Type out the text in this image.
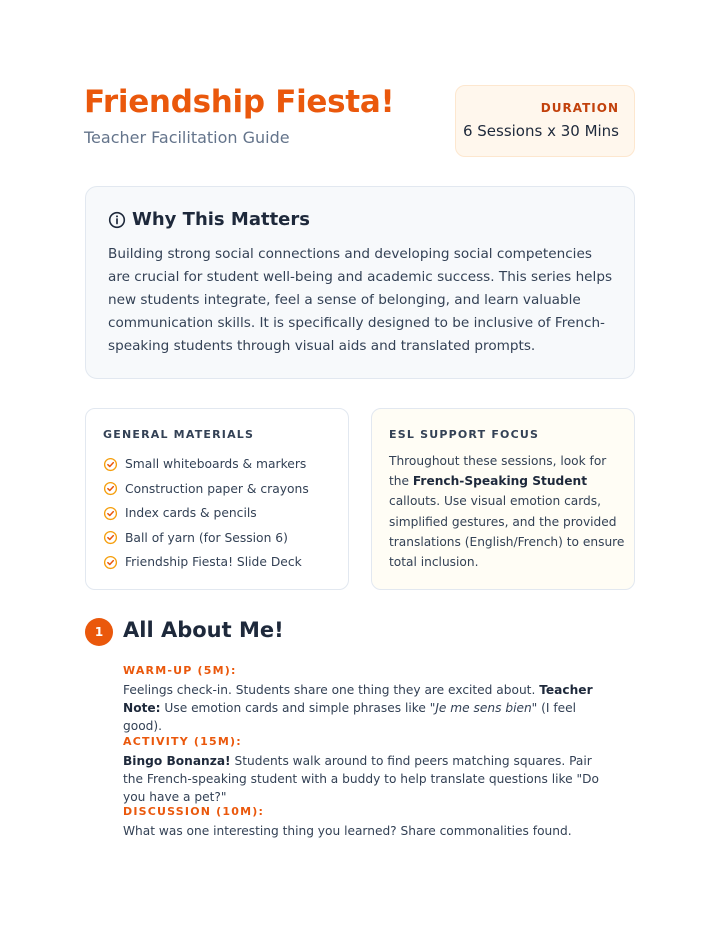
Friendship Fiesta!
Teacher Facilitation Guide
DURATION
6 Sessions x 30 Mins
Why This Matters
Building strong social connections and developing social competencies are crucial for student well-being and academic success. This series helps new students integrate, feel a sense of belonging, and learn valuable communication skills. It is specifically designed to be inclusive of French-speaking students through visual aids and translated prompts.
GENERAL MATERIALS
Small whiteboards & markers
Construction paper & crayons
Index cards & pencils
Ball of yarn (for Session 6)
Friendship Fiesta! Slide Deck
ESL SUPPORT FOCUS
Throughout these sessions, look for the French-Speaking Student callouts. Use visual emotion cards, simplified gestures, and the provided translations (English/French) to ensure total inclusion.
1 All About Me!
WARM-UP (5M):
Feelings check-in. Students share one thing they are excited about. Teacher Note: Use emotion cards and simple phrases like "Je me sens bien" (I feel good).
ACTIVITY (15M):
Bingo Bonanza! Students walk around to find peers matching squares. Pair the French-speaking student with a buddy to help translate questions like "Do you have a pet?"
DISCUSSION (10M):
What was one interesting thing you learned? Share commonalities found.
